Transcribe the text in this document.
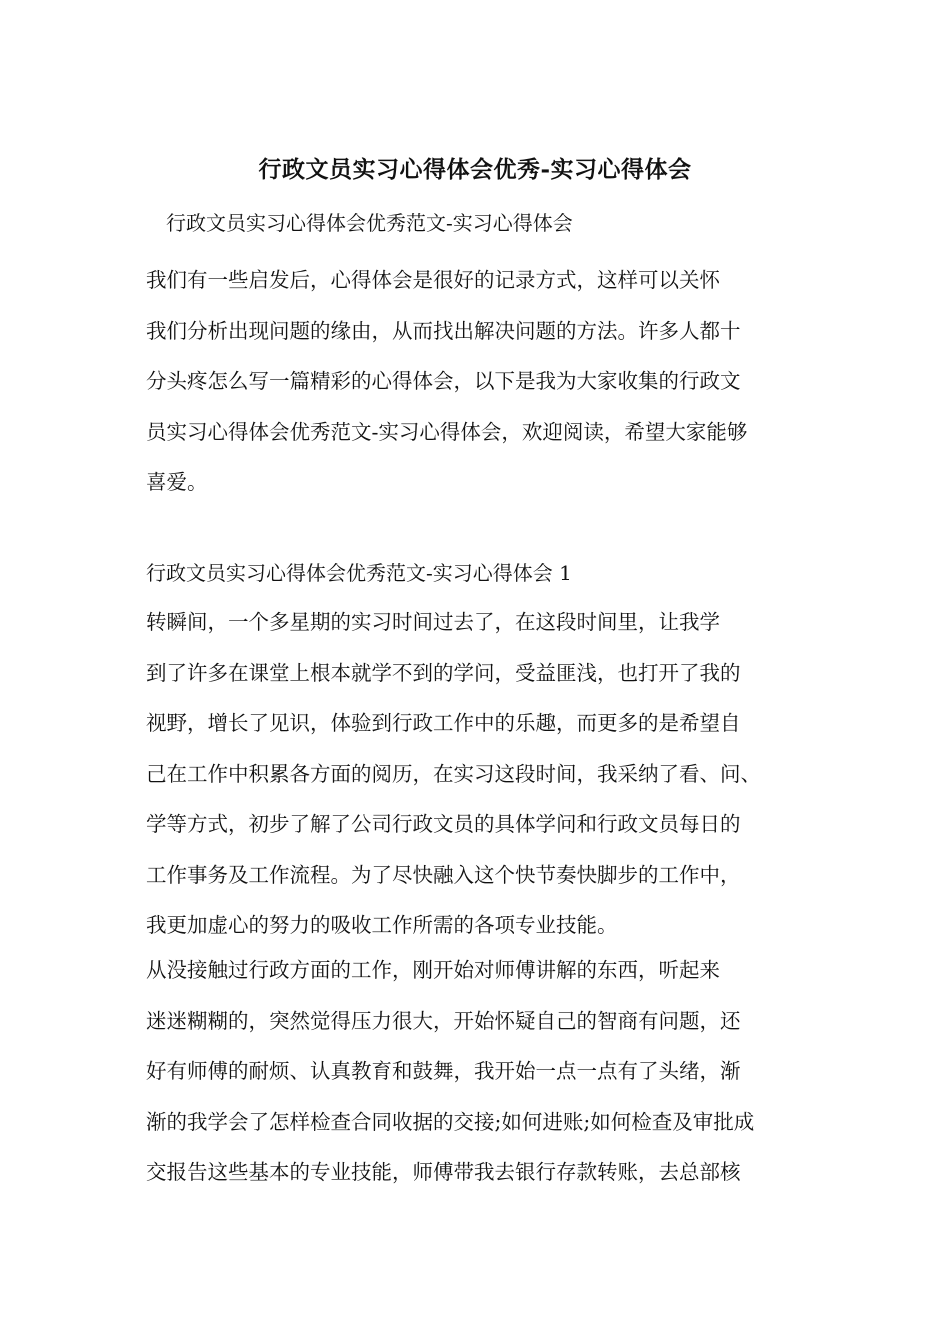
行政文员实习心得体会优秀-实习心得体会
行政文员实习心得体会优秀范文-实习心得体会
我们有一些启发后，心得体会是很好的记录方式，这样可以关怀
我们分析出现问题的缘由，从而找出解决问题的方法。许多人都十
分头疼怎么写一篇精彩的心得体会，以下是我为大家收集的行政文
员实习心得体会优秀范文-实习心得体会，欢迎阅读，希望大家能够
喜爱。
行政文员实习心得体会优秀范文-实习心得体会 1
转瞬间，一个多星期的实习时间过去了，在这段时间里，让我学
到了许多在课堂上根本就学不到的学问，受益匪浅，也打开了我的
视野，增长了见识，体验到行政工作中的乐趣，而更多的是希望自
己在工作中积累各方面的阅历，在实习这段时间，我采纳了看、问、
学等方式，初步了解了公司行政文员的具体学问和行政文员每日的
工作事务及工作流程。为了尽快融入这个快节奏快脚步的工作中，
我更加虚心的努力的吸收工作所需的各项专业技能。
从没接触过行政方面的工作，刚开始对师傅讲解的东西，听起来
迷迷糊糊的，突然觉得压力很大，开始怀疑自己的智商有问题，还
好有师傅的耐烦、认真教育和鼓舞，我开始一点一点有了头绪，渐
渐的我学会了怎样检查合同收据的交接;如何进账;如何检查及审批成
交报告这些基本的专业技能，师傅带我去银行存款转账，去总部核
